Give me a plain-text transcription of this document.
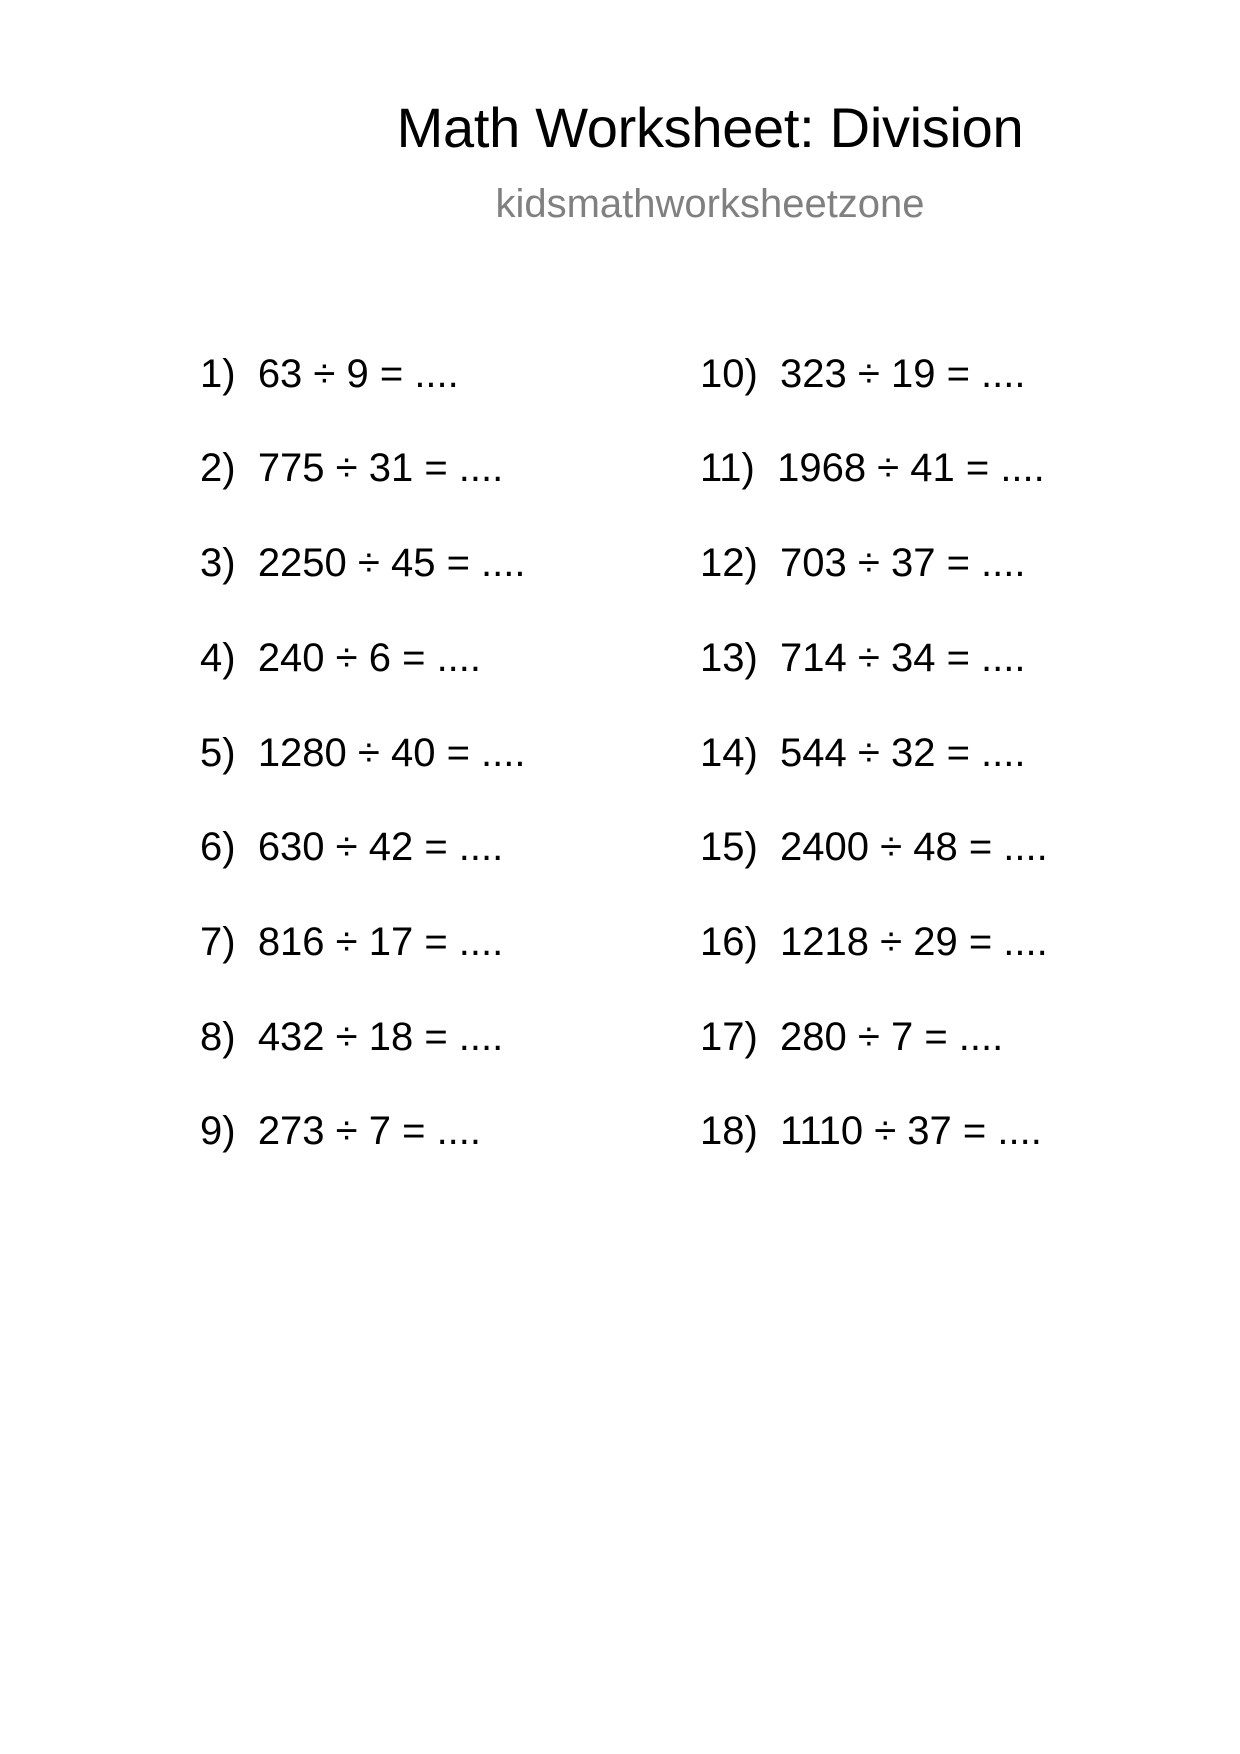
Math Worksheet: Division
kidsmathworksheetzone
1) 63 ÷ 9 = ....
2) 775 ÷ 31 = ....
3) 2250 ÷ 45 = ....
4) 240 ÷ 6 = ....
5) 1280 ÷ 40 = ....
6) 630 ÷ 42 = ....
7) 816 ÷ 17 = ....
8) 432 ÷ 18 = ....
9) 273 ÷ 7 = ....
10) 323 ÷ 19 = ....
11) 1968 ÷ 41 = ....
12) 703 ÷ 37 = ....
13) 714 ÷ 34 = ....
14) 544 ÷ 32 = ....
15) 2400 ÷ 48 = ....
16) 1218 ÷ 29 = ....
17) 280 ÷ 7 = ....
18) 1110 ÷ 37 = ....
